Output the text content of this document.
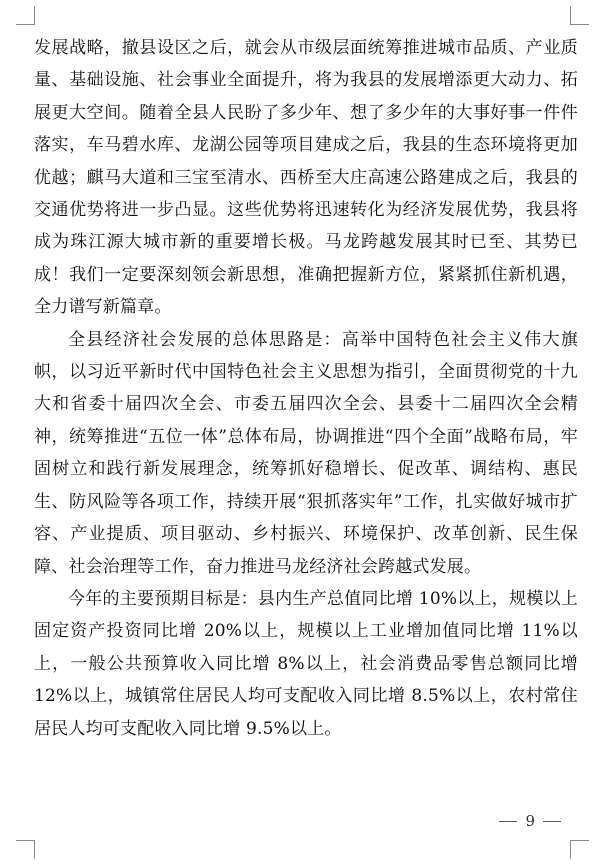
发展战略，撤县设区之后，就会从市级层面统筹推进城市品质、产业质量、基础设施、社会事业全面提升，将为我县的发展增添更大动力、拓展更大空间。随着全县人民盼了多少年、想了多少年的大事好事一件件落实，车马碧水库、龙湖公园等项目建成之后，我县的生态环境将更加优越；麒马大道和三宝至清水、西桥至大庄高速公路建成之后，我县的交通优势将进一步凸显。这些优势将迅速转化为经济发展优势，我县将成为珠江源大城市新的重要增长极。马龙跨越发展其时已至、其势已成！我们一定要深刻领会新思想，准确把握新方位，紧紧抓住新机遇，全力谱写新篇章。

全县经济社会发展的总体思路是：高举中国特色社会主义伟大旗帜，以习近平新时代中国特色社会主义思想为指引，全面贯彻党的十九大和省委十届四次全会、市委五届四次全会、县委十二届四次全会精神，统筹推进“五位一体”总体布局，协调推进“四个全面”战略布局，牢固树立和践行新发展理念，统筹抓好稳增长、促改革、调结构、惠民生、防风险等各项工作，持续开展“狠抓落实年”工作，扎实做好城市扩容、产业提质、项目驱动、乡村振兴、环境保护、改革创新、民生保障、社会治理等工作，奋力推进马龙经济社会跨越式发展。

今年的主要预期目标是：县内生产总值同比增 10%以上，规模以上固定资产投资同比增 20%以上，规模以上工业增加值同比增 11%以上，一般公共预算收入同比增 8%以上，社会消费品零售总额同比增 12%以上，城镇常住居民人均可支配收入同比增 8.5%以上，农村常住居民人均可支配收入同比增 9.5%以上。

9
